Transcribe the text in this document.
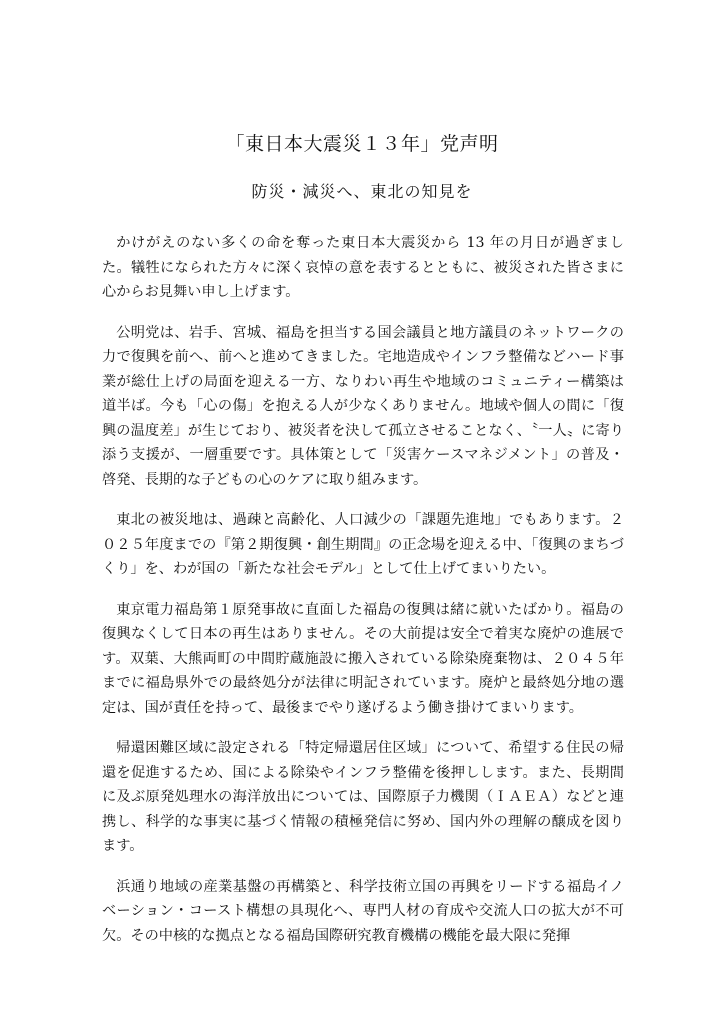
「東日本大震災１３年」党声明
防災・減災へ、東北の知見を

かけがえのない多くの命を奪った東日本大震災から 13 年の月日が過ぎました。犠牲になられた方々に深く哀悼の意を表するとともに、被災された皆さまに心からお見舞い申し上げます。

公明党は、岩手、宮城、福島を担当する国会議員と地方議員のネットワークの力で復興を前へ、前へと進めてきました。宅地造成やインフラ整備などハード事業が総仕上げの局面を迎える一方、なりわい再生や地域のコミュニティー構築は道半ば。今も「心の傷」を抱える人が少なくありません。地域や個人の間に「復興の温度差」が生じており、被災者を決して孤立させることなく、〝一人〟に寄り添う支援が、一層重要です。具体策として「災害ケースマネジメント」の普及・啓発、長期的な子どもの心のケアに取り組みます。

東北の被災地は、過疎と高齢化、人口減少の「課題先進地」でもあります。２０２５年度までの『第２期復興・創生期間』の正念場を迎える中、「復興のまちづくり」を、わが国の「新たな社会モデル」として仕上げてまいりたい。

東京電力福島第１原発事故に直面した福島の復興は緒に就いたばかり。福島の復興なくして日本の再生はありません。その大前提は安全で着実な廃炉の進展です。双葉、大熊両町の中間貯蔵施設に搬入されている除染廃棄物は、２０４５年までに福島県外での最終処分が法律に明記されています。廃炉と最終処分地の選定は、国が責任を持って、最後までやり遂げるよう働き掛けてまいります。

帰還困難区域に設定される「特定帰還居住区域」について、希望する住民の帰還を促進するため、国による除染やインフラ整備を後押しします。また、長期間に及ぶ原発処理水の海洋放出については、国際原子力機関（ＩＡＥＡ）などと連携し、科学的な事実に基づく情報の積極発信に努め、国内外の理解の醸成を図ります。

浜通り地域の産業基盤の再構築と、科学技術立国の再興をリードする福島イノベーション・コースト構想の具現化へ、専門人材の育成や交流人口の拡大が不可欠。その中核的な拠点となる福島国際研究教育機構の機能を最大限に発揮
